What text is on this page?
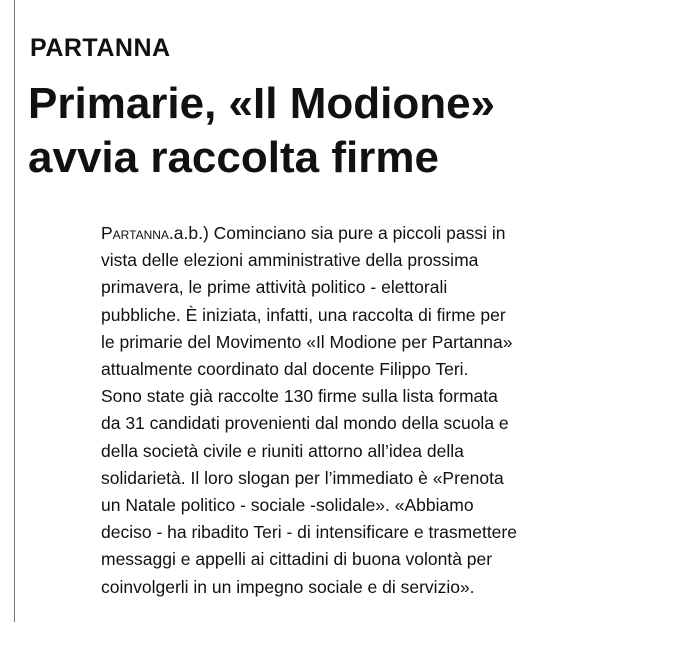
PARTANNA
Primarie, «Il Modione»
avvia raccolta firme
Partanna.a.b.) Cominciano sia pure a piccoli passi in
vista delle elezioni amministrative della prossima
primavera, le prime attività politico - elettorali
pubbliche. È iniziata, infatti, una raccolta di firme per
le primarie del Movimento «Il Modione per Partanna»
attualmente coordinato dal docente Filippo Teri.
Sono state già raccolte 130 firme sulla lista formata
da 31 candidati provenienti dal mondo della scuola e
della società civile e riuniti attorno all’idea della
solidarietà. Il loro slogan per l’immediato è «Prenota
un Natale politico - sociale -solidale». «Abbiamo
deciso - ha ribadito Teri - di intensificare e trasmettere
messaggi e appelli ai cittadini di buona volontà per
coinvolgerli in un impegno sociale e di servizio».
